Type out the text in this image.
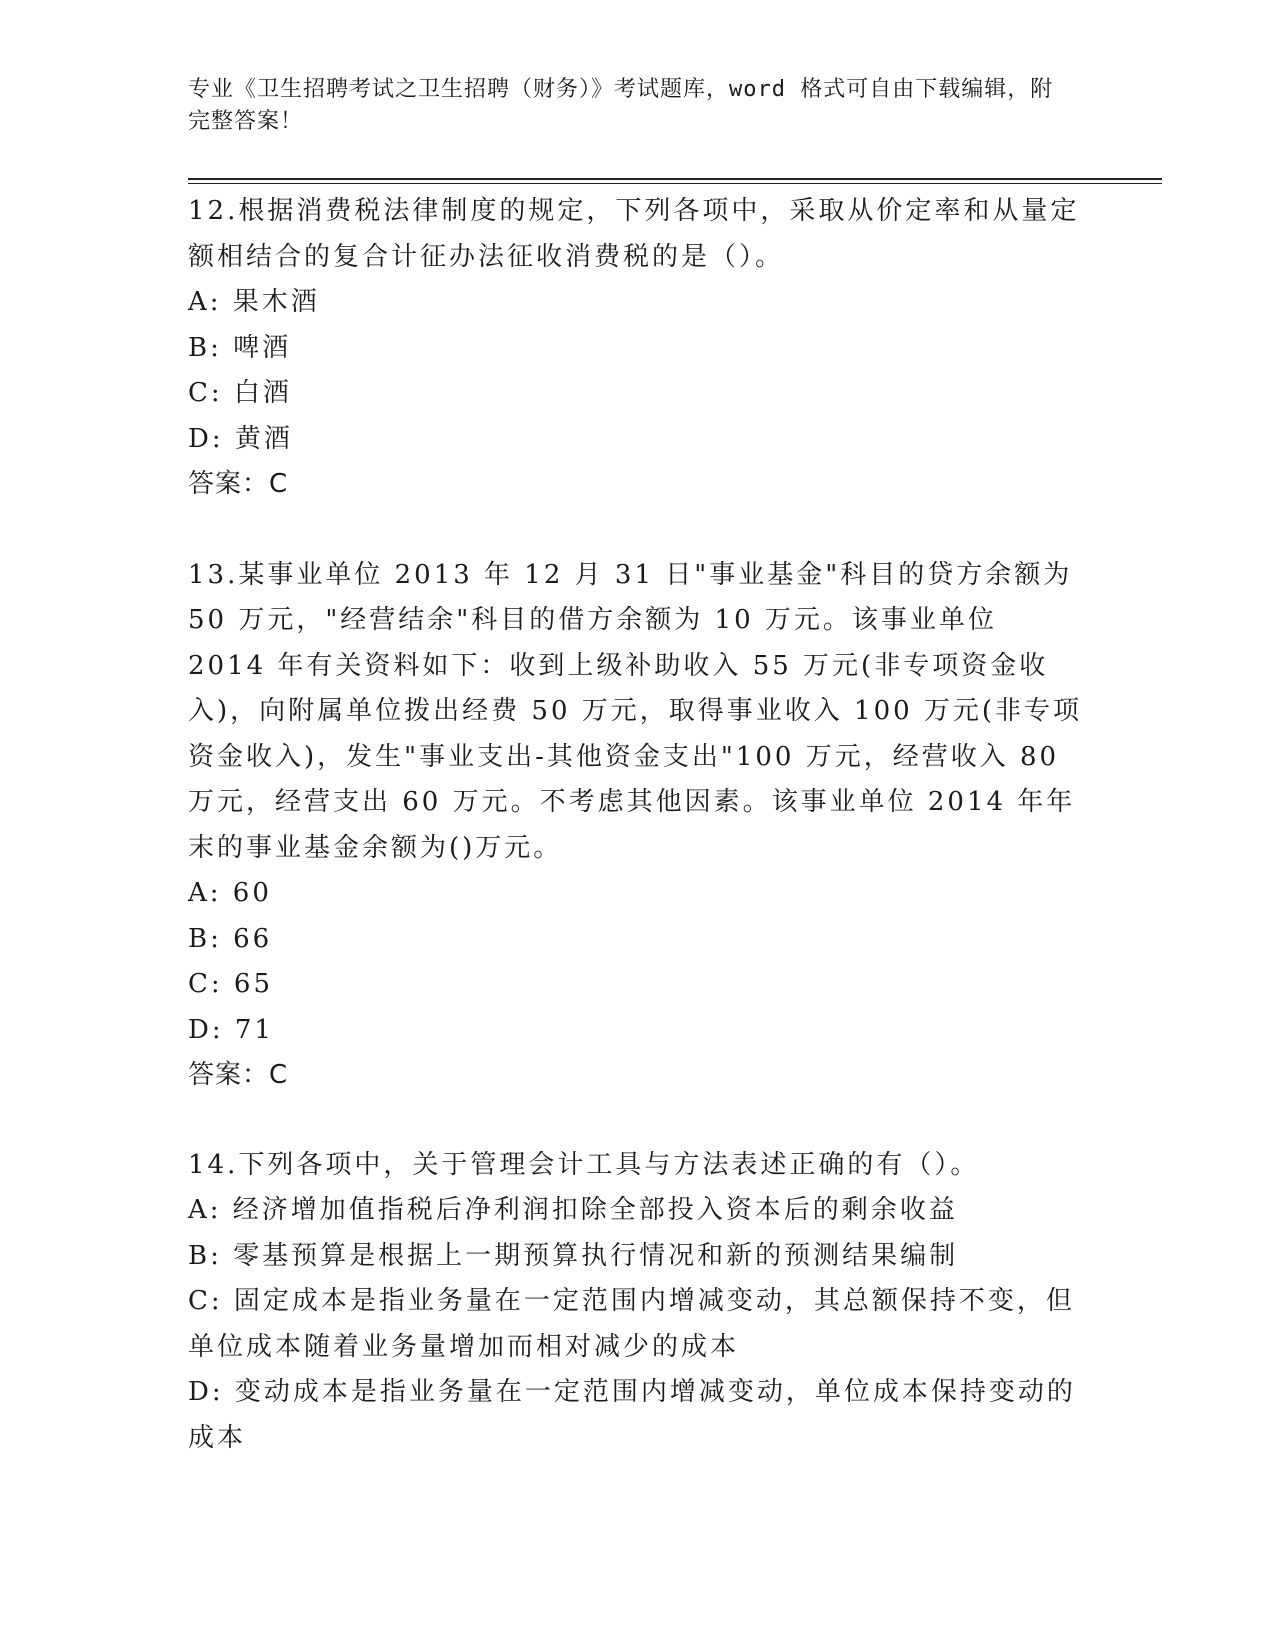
专业《卫生招聘考试之卫生招聘（财务）》考试题库，word 格式可自由下载编辑，附完整答案！
12.根据消费税法律制度的规定，下列各项中，采取从价定率和从量定额相结合的复合计征办法征收消费税的是（）。
A: 果木酒
B: 啤酒
C: 白酒
D: 黄酒
答案：C
13.某事业单位 2013 年 12 月 31 日"事业基金"科目的贷方余额为 50 万元，"经营结余"科目的借方余额为 10 万元。该事业单位 2014 年有关资料如下：收到上级补助收入 55 万元(非专项资金收入)，向附属单位拨出经费 50 万元，取得事业收入 100 万元(非专项资金收入)，发生"事业支出-其他资金支出"100 万元，经营收入 80 万元，经营支出 60 万元。不考虑其他因素。该事业单位 2014 年年末的事业基金余额为()万元。
A: 60
B: 66
C: 65
D: 71
答案：C
14.下列各项中，关于管理会计工具与方法表述正确的有（）。
A: 经济增加值指税后净利润扣除全部投入资本后的剩余收益
B: 零基预算是根据上一期预算执行情况和新的预测结果编制
C: 固定成本是指业务量在一定范围内增减变动，其总额保持不变，但单位成本随着业务量增加而相对减少的成本
D: 变动成本是指业务量在一定范围内增减变动，单位成本保持变动的成本
